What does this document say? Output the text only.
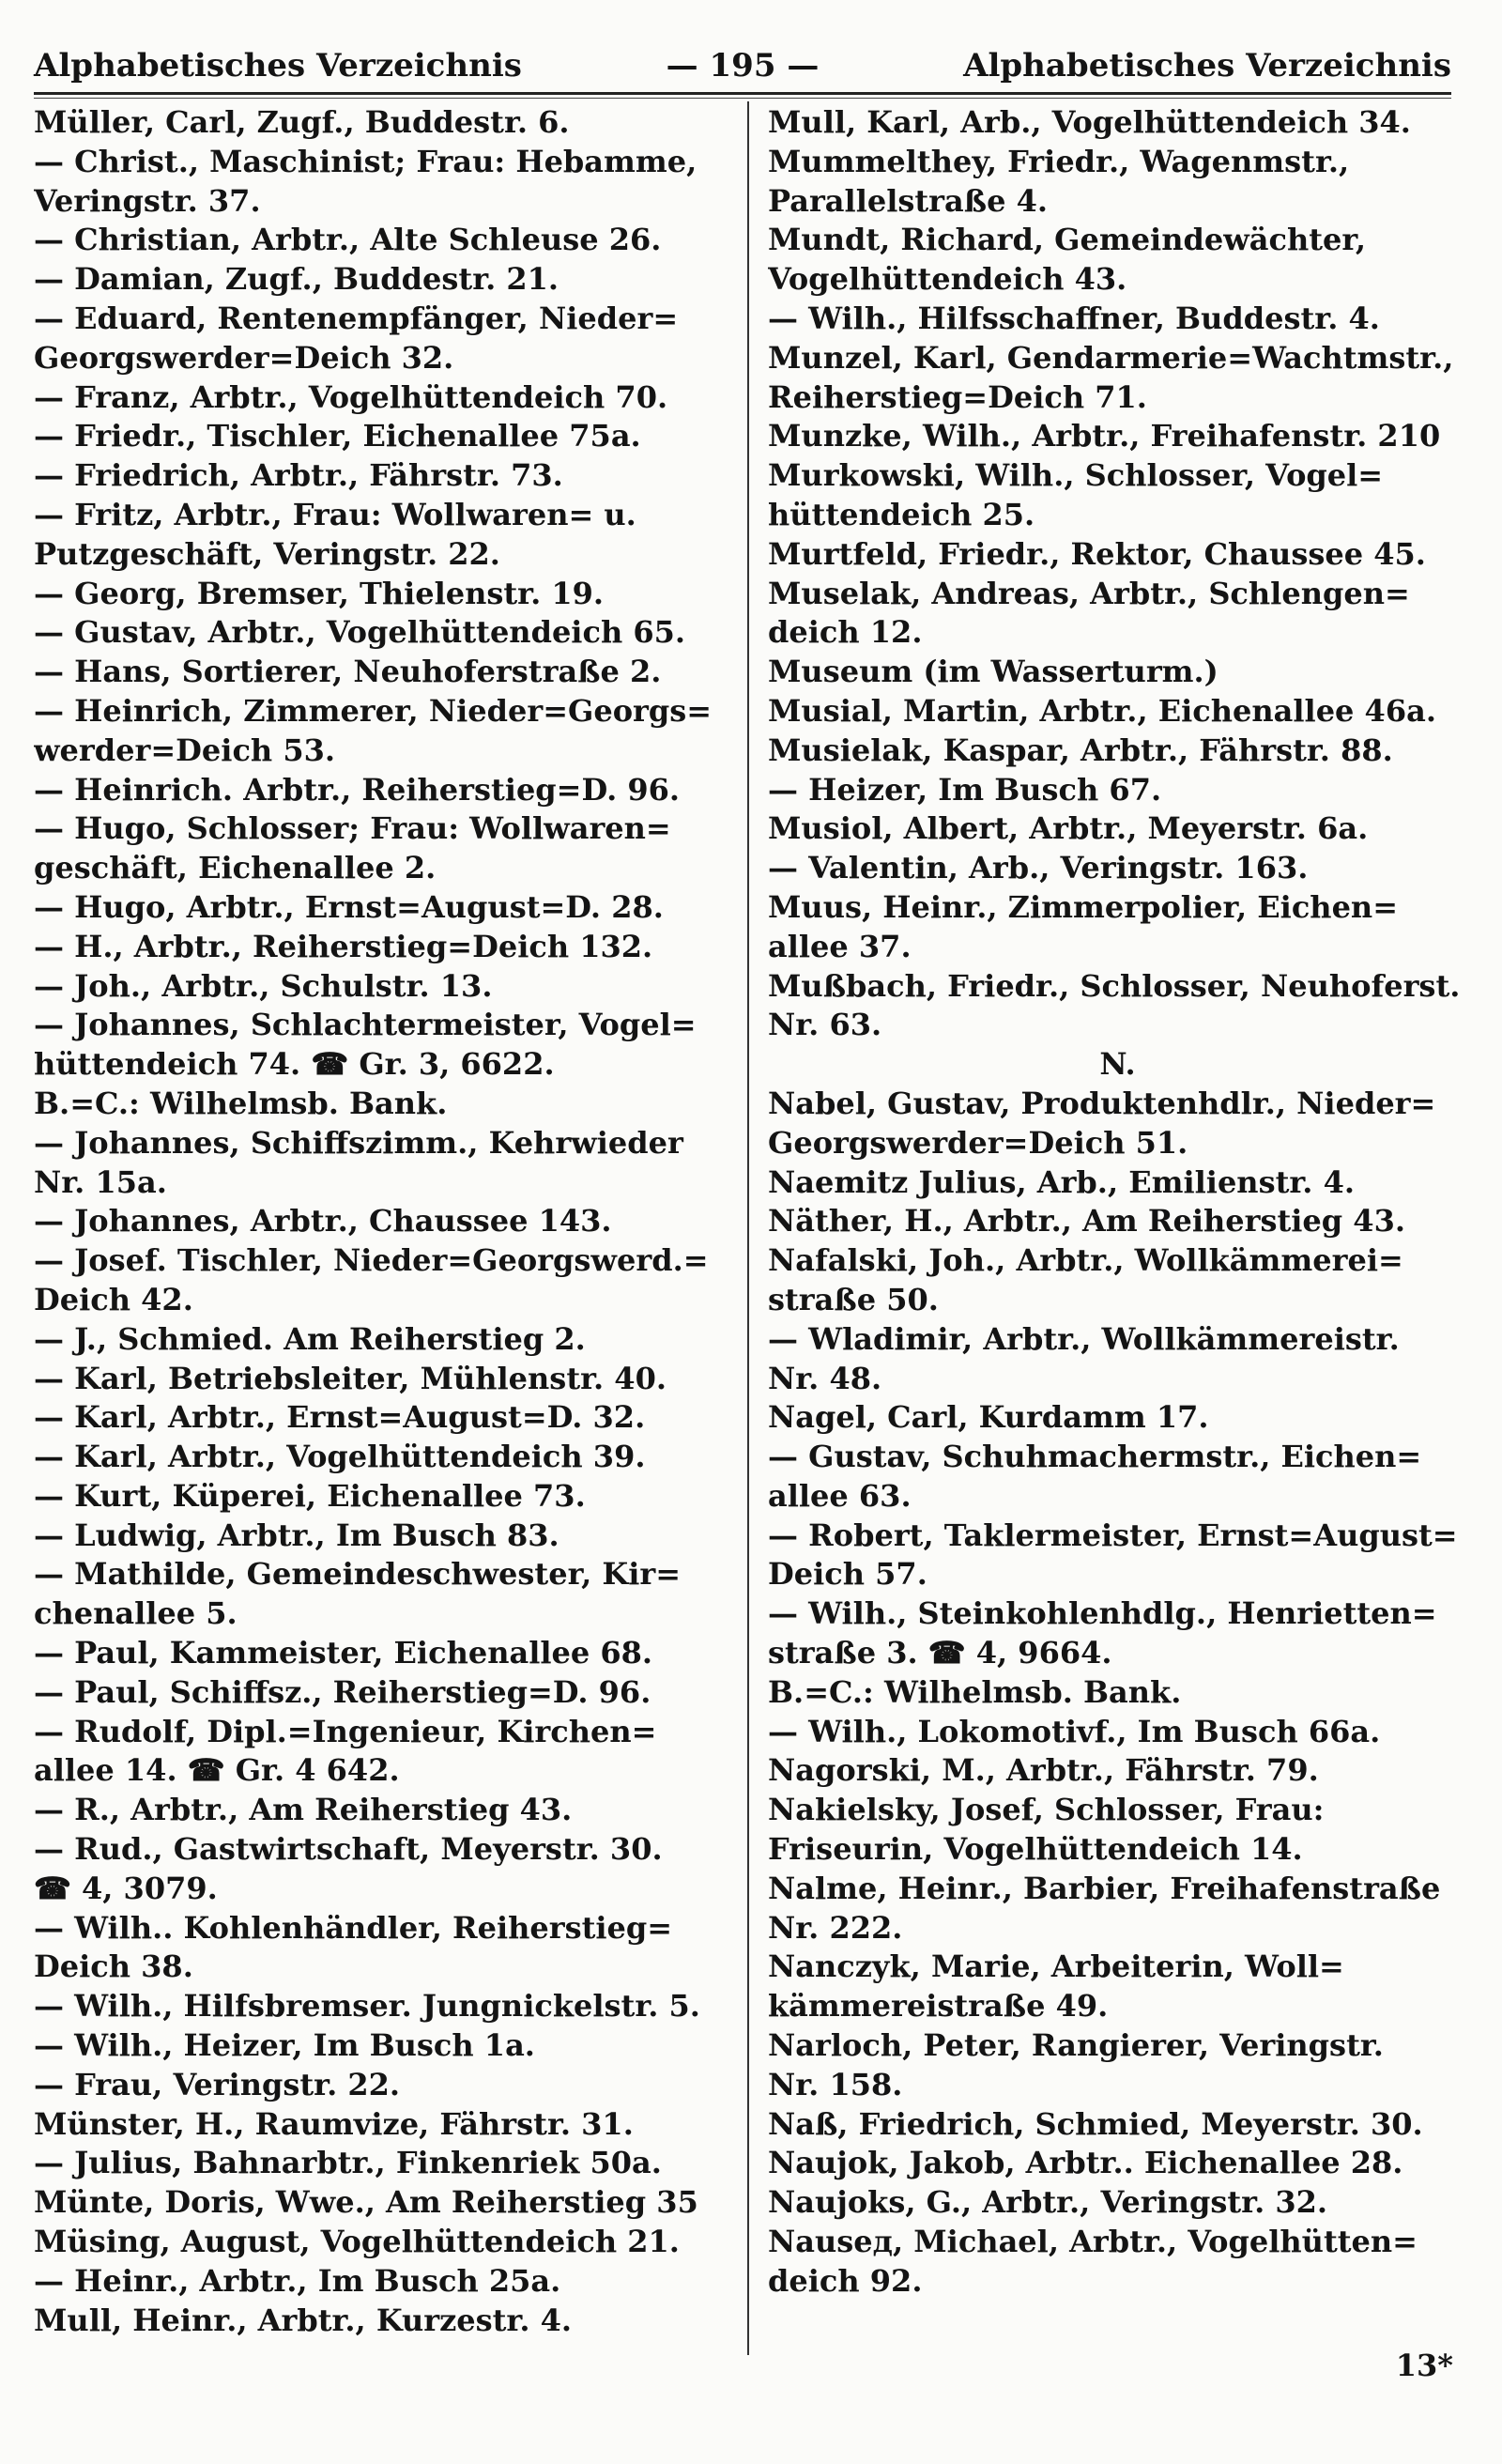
Alphabetisches Verzeichnis	— 195 —	Alphabetisches Verzeichnis
Müller, Carl, Zugf., Buddestr. 6.
— Christ., Maschinist; Frau: Hebamme,
Veringstr. 37.
— Christian, Arbtr., Alte Schleuse 26.
— Damian, Zugf., Buddestr. 21.
— Eduard, Rentenempfänger, Nieder=
Georgswerder=Deich 32.
— Franz, Arbtr., Vogelhüttendeich 70.
— Friedr., Tischler, Eichenallee 75a.
— Friedrich, Arbtr., Fährstr. 73.
— Fritz, Arbtr., Frau: Wollwaren= u.
Putzgeschäft, Veringstr. 22.
— Georg, Bremser, Thielenstr. 19.
— Gustav, Arbtr., Vogelhüttendeich 65.
— Hans, Sortierer, Neuhoferstraße 2.
— Heinrich, Zimmerer, Nieder=Georgs=
werder=Deich 53.
— Heinrich. Arbtr., Reiherstieg=D. 96.
— Hugo, Schlosser; Frau: Wollwaren=
geschäft, Eichenallee 2.
— Hugo, Arbtr., Ernst=August=D. 28.
— H., Arbtr., Reiherstieg=Deich 132.
— Joh., Arbtr., Schulstr. 13.
— Johannes, Schlachtermeister, Vogel=
hüttendeich 74. ☎ Gr. 3, 6622.
B.=C.: Wilhelmsb. Bank.
— Johannes, Schiffszimm., Kehrwieder
Nr. 15a.
— Johannes, Arbtr., Chaussee 143.
— Josef. Tischler, Nieder=Georgswerd.=
Deich 42.
— J., Schmied. Am Reiherstieg 2.
— Karl, Betriebsleiter, Mühlenstr. 40.
— Karl, Arbtr., Ernst=August=D. 32.
— Karl, Arbtr., Vogelhüttendeich 39.
— Kurt, Küperei, Eichenallee 73.
— Ludwig, Arbtr., Im Busch 83.
— Mathilde, Gemeindeschwester, Kir=
chenallee 5.
— Paul, Kammeister, Eichenallee 68.
— Paul, Schiffsz., Reiherstieg=D. 96.
— Rudolf, Dipl.=Ingenieur, Kirchen=
allee 14. ☎ Gr. 4 642.
— R., Arbtr., Am Reiherstieg 43.
— Rud., Gastwirtschaft, Meyerstr. 30.
☎ 4, 3079.
— Wilh.. Kohlenhändler, Reiherstieg=
Deich 38.
— Wilh., Hilfsbremser. Jungnickelstr. 5.
— Wilh., Heizer, Im Busch 1a.
— Frau, Veringstr. 22.
Münster, H., Raumvize, Fährstr. 31.
— Julius, Bahnarbtr., Finkenriek 50a.
Münte, Doris, Wwe., Am Reiherstieg 35
Müsing, August, Vogelhüttendeich 21.
— Heinr., Arbtr., Im Busch 25a.
Mull, Heinr., Arbtr., Kurzestr. 4.
Mull, Karl, Arb., Vogelhüttendeich 34.
Mummelthey, Friedr., Wagenmstr.,
Parallelstraße 4.
Mundt, Richard, Gemeindewächter,
Vogelhüttendeich 43.
— Wilh., Hilfsschaffner, Buddestr. 4.
Munzel, Karl, Gendarmerie=Wachtmstr.,
Reiherstieg=Deich 71.
Munzke, Wilh., Arbtr., Freihafenstr. 210
Murkowski, Wilh., Schlosser, Vogel=
hüttendeich 25.
Murtfeld, Friedr., Rektor, Chaussee 45.
Muselak, Andreas, Arbtr., Schlengen=
deich 12.
Museum (im Wasserturm.)
Musial, Martin, Arbtr., Eichenallee 46a.
Musielak, Kaspar, Arbtr., Fährstr. 88.
— Heizer, Im Busch 67.
Musiol, Albert, Arbtr., Meyerstr. 6a.
— Valentin, Arb., Veringstr. 163.
Muus, Heinr., Zimmerpolier, Eichen=
allee 37.
Mußbach, Friedr., Schlosser, Neuhoferst.
Nr. 63.
N.
Nabel, Gustav, Produktenhdlr., Nieder=
Georgswerder=Deich 51.
Naemitz Julius, Arb., Emilienstr. 4.
Näther, H., Arbtr., Am Reiherstieg 43.
Nafalski, Joh., Arbtr., Wollkämmerei=
straße 50.
— Wladimir, Arbtr., Wollkämmereistr.
Nr. 48.
Nagel, Carl, Kurdamm 17.
— Gustav, Schuhmachermstr., Eichen=
allee 63.
— Robert, Taklermeister, Ernst=August=
Deich 57.
— Wilh., Steinkohlenhdlg., Henrietten=
straße 3. ☎ 4, 9664.
B.=C.: Wilhelmsb. Bank.
— Wilh., Lokomotivf., Im Busch 66a.
Nagorski, M., Arbtr., Fährstr. 79.
Nakielsky, Josef, Schlosser, Frau:
Friseurin, Vogelhüttendeich 14.
Nalme, Heinr., Barbier, Freihafenstraße
Nr. 222.
Nanczyk, Marie, Arbeiterin, Woll=
kämmereistraße 49.
Narloch, Peter, Rangierer, Veringstr.
Nr. 158.
Naß, Friedrich, Schmied, Meyerstr. 30.
Naujok, Jakob, Arbtr.. Eichenallee 28.
Naujoks, G., Arbtr., Veringstr. 32.
Nauseд, Michael, Arbtr., Vogelhütten=
deich 92.
13*
